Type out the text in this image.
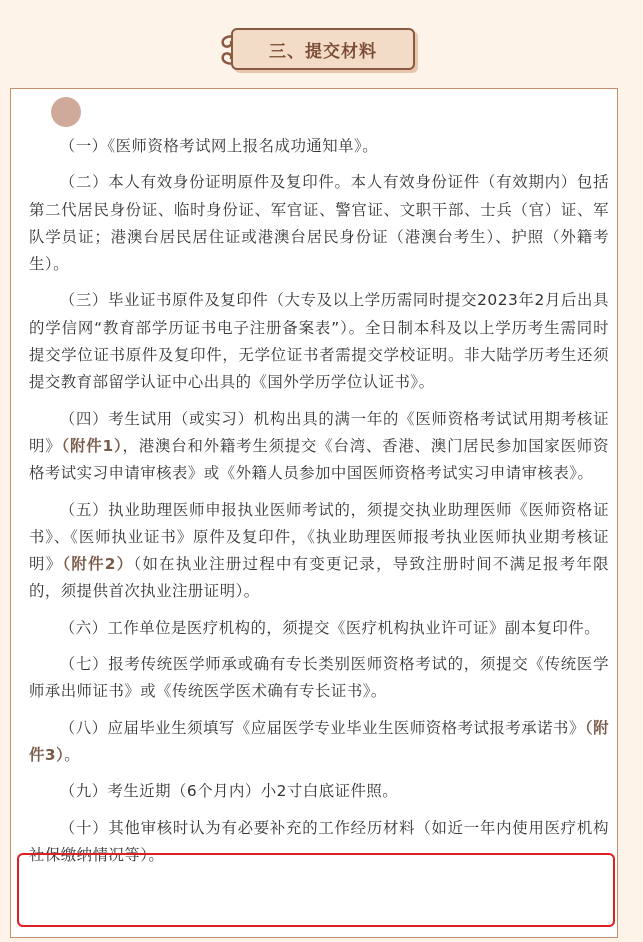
三、提交材料

（一）《医师资格考试网上报名成功通知单》。

（二）本人有效身份证明原件及复印件。本人有效身份证件（有效期内）包括第二代居民身份证、临时身份证、军官证、警官证、文职干部、士兵（官）证、军队学员证；港澳台居民居住证或港澳台居民身份证（港澳台考生）、护照（外籍考生）。

（三）毕业证书原件及复印件（大专及以上学历需同时提交2023年2月后出具的学信网“教育部学历证书电子注册备案表”）。全日制本科及以上学历考生需同时提交学位证书原件及复印件，无学位证书者需提交学校证明。非大陆学历考生还须提交教育部留学认证中心出具的《国外学历学位认证书》。

（四）考生试用（或实习）机构出具的满一年的《医师资格考试试用期考核证明》（附件1），港澳台和外籍考生须提交《台湾、香港、澳门居民参加国家医师资格考试实习申请审核表》或《外籍人员参加中国医师资格考试实习申请审核表》。

（五）执业助理医师申报执业医师考试的，须提交执业助理医师《医师资格证书》、《医师执业证书》原件及复印件，《执业助理医师报考执业医师执业期考核证明》（附件2）（如在执业注册过程中有变更记录，导致注册时间不满足报考年限的，须提供首次执业注册证明）。

（六）工作单位是医疗机构的，须提交《医疗机构执业许可证》副本复印件。

（七）报考传统医学师承或确有专长类别医师资格考试的，须提交《传统医学师承出师证书》或《传统医学医术确有专长证书》。

（八）应届毕业生须填写《应届医学专业毕业生医师资格考试报考承诺书》（附件3）。

（九）考生近期（6个月内）小2寸白底证件照。

（十）其他审核时认为有必要补充的工作经历材料（如近一年内使用医疗机构社保缴纳情况等）。
